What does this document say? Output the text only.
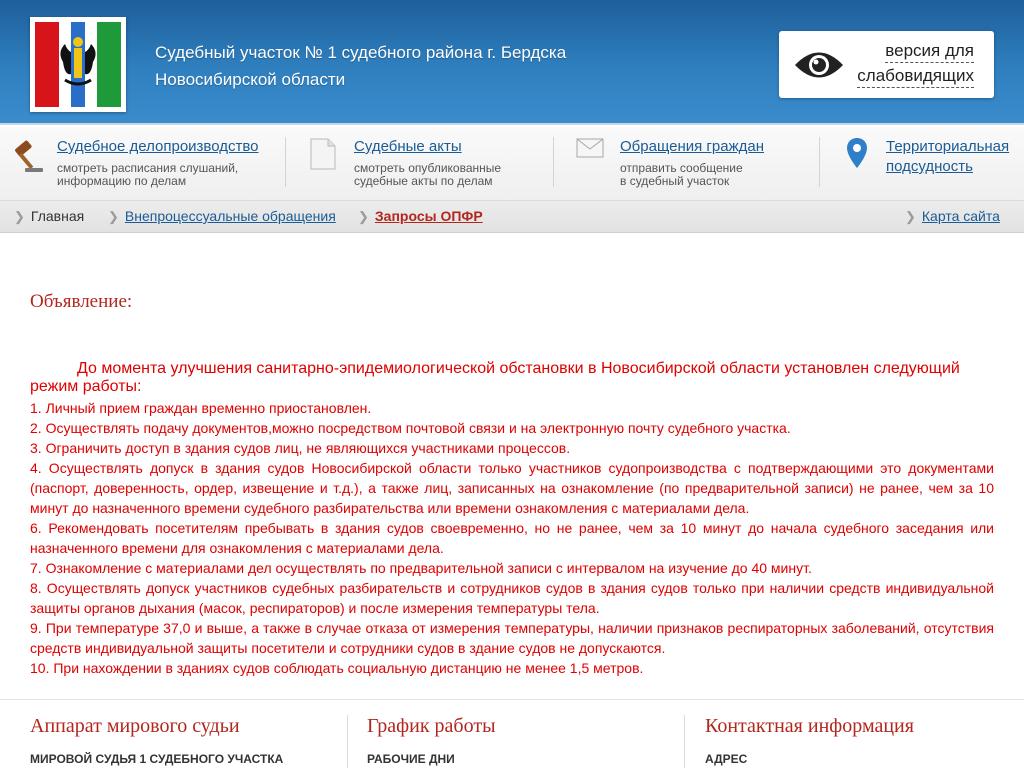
Судебный участок № 1 судебного района г. Бердска
Новосибирской области
версия для
слабовидящих
Судебное делопроизводство
смотреть расписания слушаний,
информацию по делам
Судебные акты
смотреть опубликованные
судебные акты по делам
Обращения граждан
отправить сообщение
в судебный участок
Территориальная
подсудность
❯ Главная ❯ Внепроцессуальные обращения ❯ Запросы ОПФР	❯ Карта сайта
Объявление:
До момента улучшения санитарно-эпидемиологической обстановки в Новосибирской области установлен следующий режим работы:

1. Личный прием граждан временно приостановлен.

2. Осуществлять подачу документов,можно посредством почтовой связи и на электронную почту судебного участка.

3. Ограничить доступ в здания судов лиц, не являющихся участниками процессов.

4. Осуществлять допуск в здания судов Новосибирской области только участников судопроизводства с подтверждающими это документами (паспорт, доверенность, ордер, извещение и т.д.), а также лиц, записанных на ознакомление (по предварительной записи) не ранее, чем за 10 минут до назначенного времени судебного разбирательства или времени ознакомления с материалами дела.

6. Рекомендовать посетителям пребывать в здания судов своевременно, но не ранее, чем за 10 минут до начала судебного заседания или назначенного времени для ознакомления с материалами дела.

7. Ознакомление с материалами дел осуществлять по предварительной записи с интервалом на изучение до 40 минут.

8. Осуществлять допуск участников судебных разбирательств и сотрудников судов в здания судов только при наличии средств индивидуальной защиты органов дыхания (масок, респираторов) и после измерения температуры тела.

9. При температуре 37,0 и выше, а также в случае отказа от измерения температуры, наличии признаков респираторных заболеваний, отсутствия средств индивидуальной защиты посетители и сотрудники судов в здание судов не допускаются.

10. При нахождении в зданиях судов соблюдать социальную дистанцию не менее 1,5 метров.

Аппарат мирового судьи
МИРОВОЙ СУДЬЯ 1 СУДЕБНОГО УЧАСТКА
График работы
РАБОЧИЕ ДНИ
Контактная информация
АДРЕС
